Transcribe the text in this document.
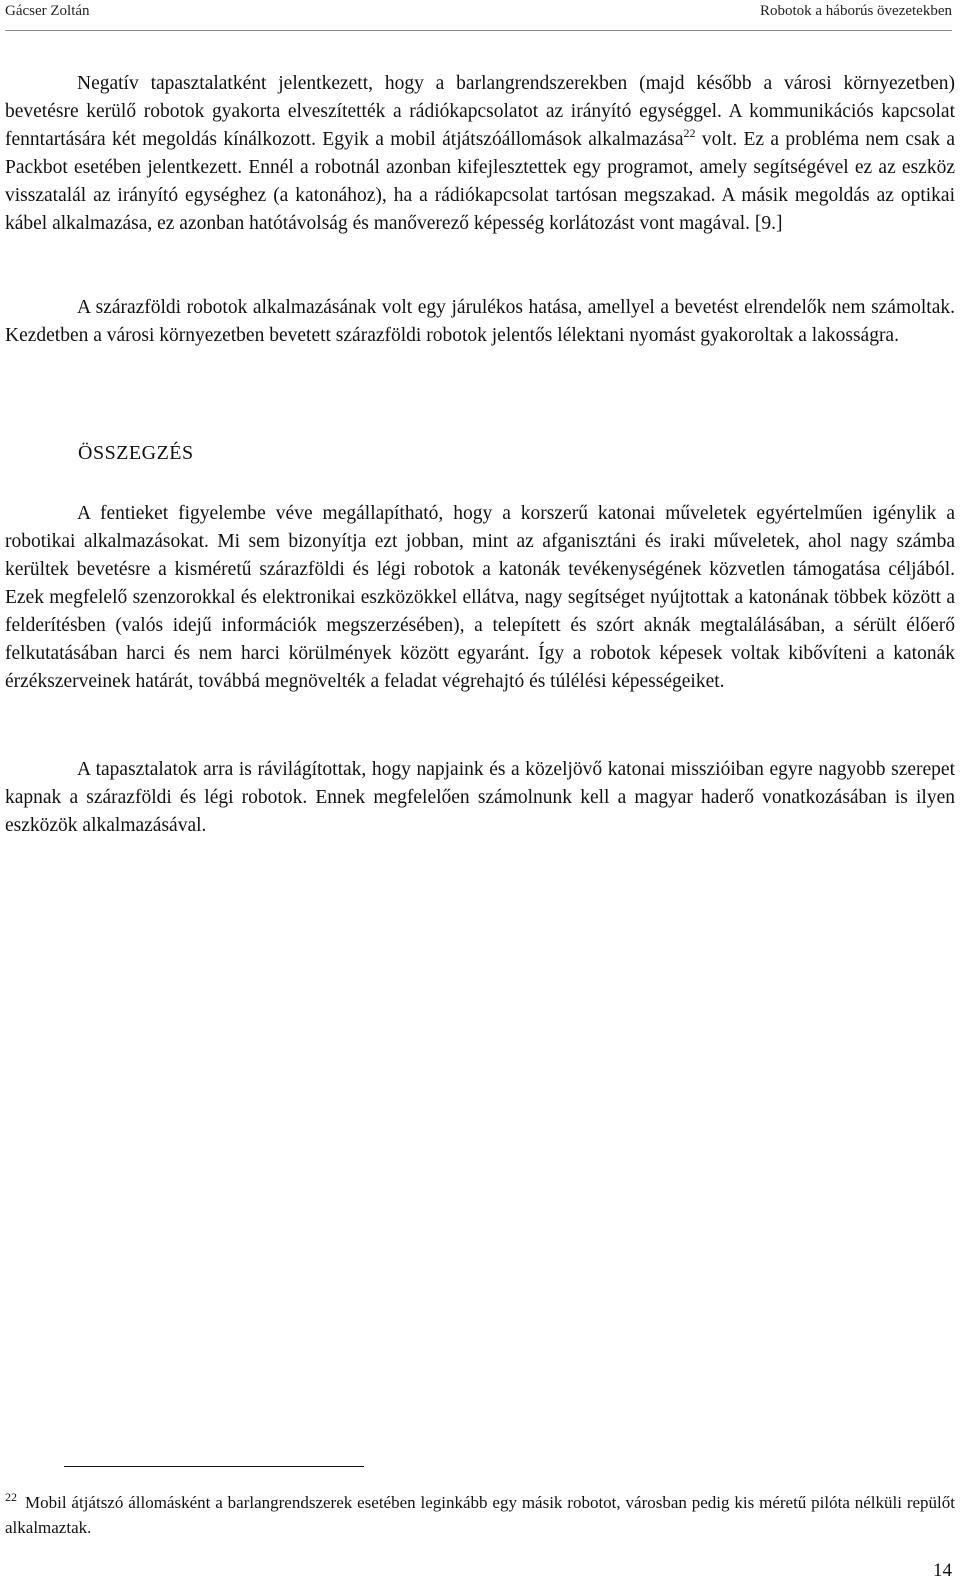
Gácser Zoltán	Robotok a háborús övezetekben

Negatív tapasztalatként jelentkezett, hogy a barlangrendszerekben (majd később a városi környezetben) bevetésre kerülő robotok gyakorta elveszítették a rádiókapcsolatot az irányító egységgel. A kommunikációs kapcsolat fenntartására két megoldás kínálkozott. Egyik a mobil átjátszóállomások alkalmazása$^{22}$ volt. Ez a probléma nem csak a Packbot esetében jelentkezett. Ennél a robotnál azonban kifejlesztettek egy programot, amely segítségével ez az eszköz visszatalál az irányító egységhez (a katonához), ha a rádiókapcsolat tartósan megszakad. A másik megoldás az optikai kábel alkalmazása, ez azonban hatótávolság és manőverező képesség korlátozást vont magával. [9.]

A szárazföldi robotok alkalmazásának volt egy járulékos hatása, amellyel a bevetést elrendelők nem számoltak. Kezdetben a városi környezetben bevetett szárazföldi robotok jelentős lélektani nyomást gyakoroltak a lakosságra.

ÖSSZEGZÉS

A fentieket figyelembe véve megállapítható, hogy a korszerű katonai műveletek egyértelműen igénylik a robotikai alkalmazásokat. Mi sem bizonyítja ezt jobban, mint az afganisztáni és iraki műveletek, ahol nagy számba kerültek bevetésre a kisméretű szárazföldi és légi robotok a katonák tevékenységének közvetlen támogatása céljából. Ezek megfelelő szenzorokkal és elektronikai eszközökkel ellátva, nagy segítséget nyújtottak a katonának többek között a felderítésben (valós idejű információk megszerzésében), a telepített és szórt aknák megtalálásában, a sérült élőerő felkutatásában harci és nem harci körülmények között egyaránt. Így a robotok képesek voltak kibővíteni a katonák érzékszerveinek határát, továbbá megnövelték a feladat végrehajtó és túlélési képességeiket.

A tapasztalatok arra is rávilágítottak, hogy napjaink és a közeljövő katonai misszióiban egyre nagyobb szerepet kapnak a szárazföldi és légi robotok. Ennek megfelelően számolnunk kell a magyar haderő vonatkozásában is ilyen eszközök alkalmazásával.

$^{22}$ Mobil átjátszó állomásként a barlangrendszerek esetében leginkább egy másik robotot, városban pedig kis méretű pilóta nélküli repülőt alkalmaztak.

14
